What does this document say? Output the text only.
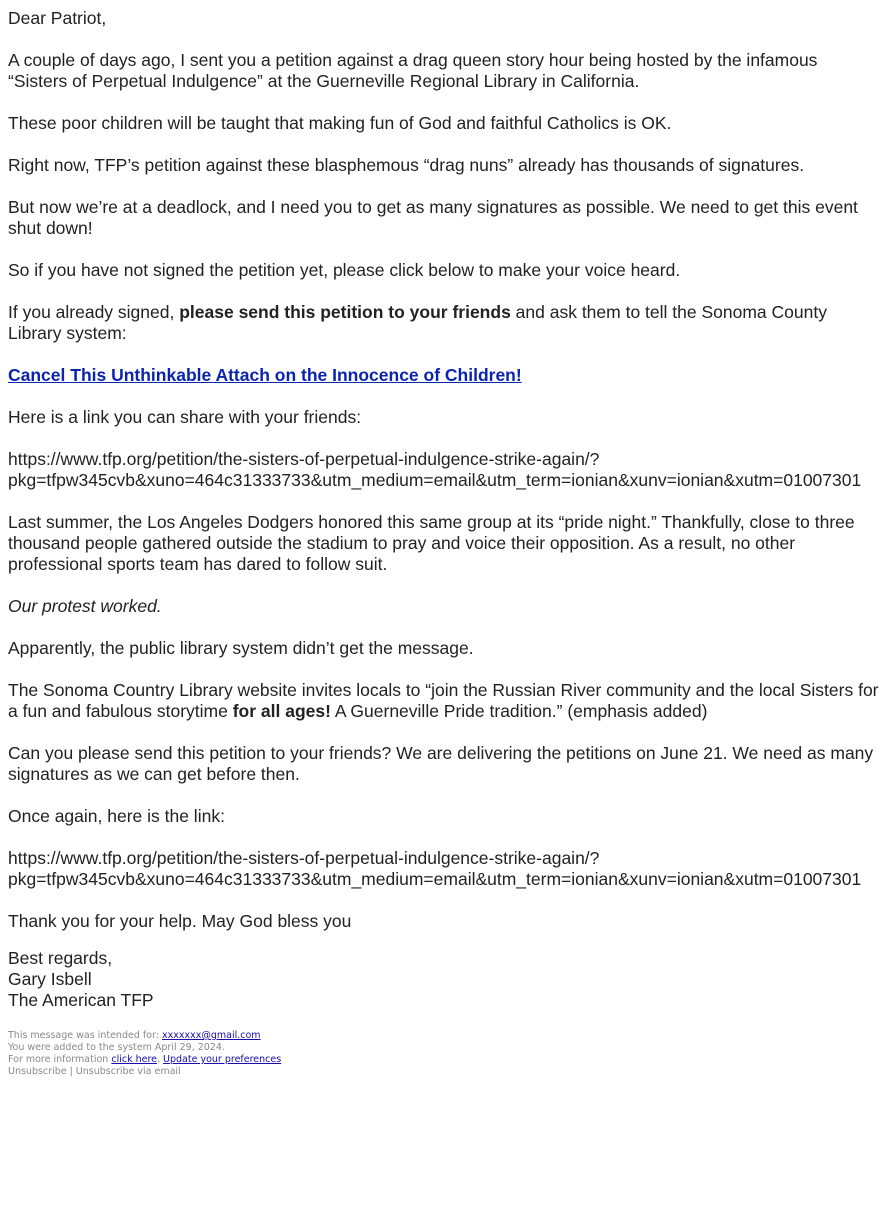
Dear Patriot,

A couple of days ago, I sent you a petition against a drag queen story hour being hosted by the infamous “Sisters of Perpetual Indulgence” at the Guerneville Regional Library in California.

These poor children will be taught that making fun of God and faithful Catholics is OK.

Right now, TFP’s petition against these blasphemous “drag nuns” already has thousands of signatures.

But now we’re at a deadlock, and I need you to get as many signatures as possible. We need to get this event shut down!

So if you have not signed the petition yet, please click below to make your voice heard.

If you already signed, please send this petition to your friends and ask them to tell the Sonoma County Library system:

Cancel This Unthinkable Attach on the Innocence of Children!

Here is a link you can share with your friends:

https://www.tfp.org/petition/the-sisters-of-perpetual-indulgence-strike-again/?
pkg=tfpw345cvb&xuno=464c31333733&utm_medium=email&utm_term=ionian&xunv=ionian&xutm=01007301

Last summer, the Los Angeles Dodgers honored this same group at its “pride night.” Thankfully, close to three thousand people gathered outside the stadium to pray and voice their opposition. As a result, no other professional sports team has dared to follow suit.

Our protest worked.

Apparently, the public library system didn’t get the message.

The Sonoma Country Library website invites locals to “join the Russian River community and the local Sisters for a fun and fabulous storytime for all ages! A Guerneville Pride tradition.” (emphasis added)

Can you please send this petition to your friends? We are delivering the petitions on June 21. We need as many signatures as we can get before then.

Once again, here is the link:

https://www.tfp.org/petition/the-sisters-of-perpetual-indulgence-strike-again/?
pkg=tfpw345cvb&xuno=464c31333733&utm_medium=email&utm_term=ionian&xunv=ionian&xutm=01007301

Thank you for your help. May God bless you

Best regards,
Gary Isbell
The American TFP
This message was intended for: xxxxxxx@gmail.com
You were added to the system April 29, 2024.
For more information click here. Update your preferences
Unsubscribe | Unsubscribe via email
